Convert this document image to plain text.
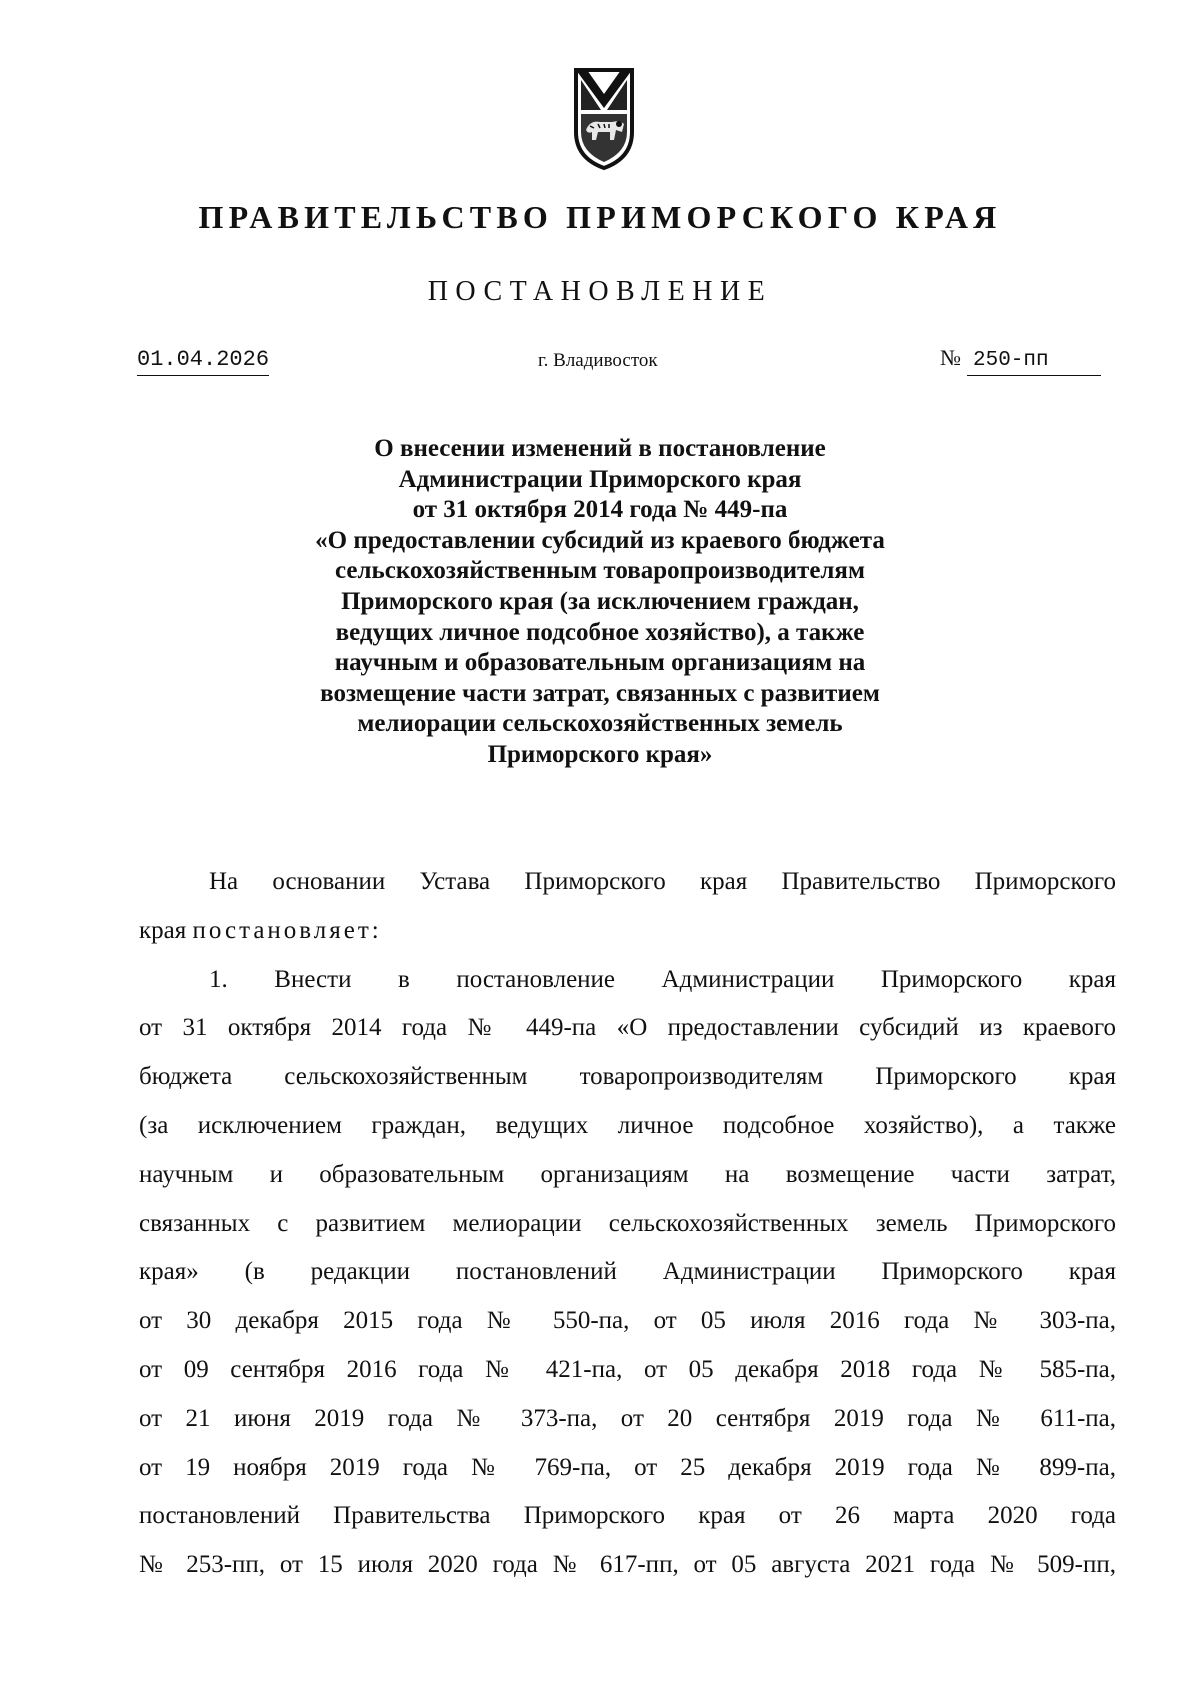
ПРАВИТЕЛЬСТВО ПРИМОРСКОГО КРАЯ
ПОСТАНОВЛЕНИЕ
01.04.2026	г. Владивосток	№ 250-пп
О внесении изменений в постановление
Администрации Приморского края
от 31 октября 2014 года № 449-па
«О предоставлении субсидий из краевого бюджета
сельскохозяйственным товаропроизводителям
Приморского края (за исключением граждан,
ведущих личное подсобное хозяйство), а также
научным и образовательным организациям на
возмещение части затрат, связанных с развитием
мелиорации сельскохозяйственных земель
Приморского края»
На основании Устава Приморского края Правительство Приморского
края постановляет:
1. Внести в постановление Администрации Приморского края
от 31 октября 2014 года № 449-па «О предоставлении субсидий из краевого
бюджета сельскохозяйственным товаропроизводителям Приморского края
(за исключением граждан, ведущих личное подсобное хозяйство), а также
научным и образовательным организациям на возмещение части затрат,
связанных с развитием мелиорации сельскохозяйственных земель Приморского
края» (в редакции постановлений Администрации Приморского края
от 30 декабря 2015 года № 550-па, от 05 июля 2016 года № 303-па,
от 09 сентября 2016 года № 421-па, от 05 декабря 2018 года № 585-па,
от 21 июня 2019 года № 373-па, от 20 сентября 2019 года № 611-па,
от 19 ноября 2019 года № 769-па, от 25 декабря 2019 года № 899-па,
постановлений Правительства Приморского края от 26 марта 2020 года
№ 253-пп, от 15 июля 2020 года № 617-пп, от 05 августа 2021 года № 509-пп,
